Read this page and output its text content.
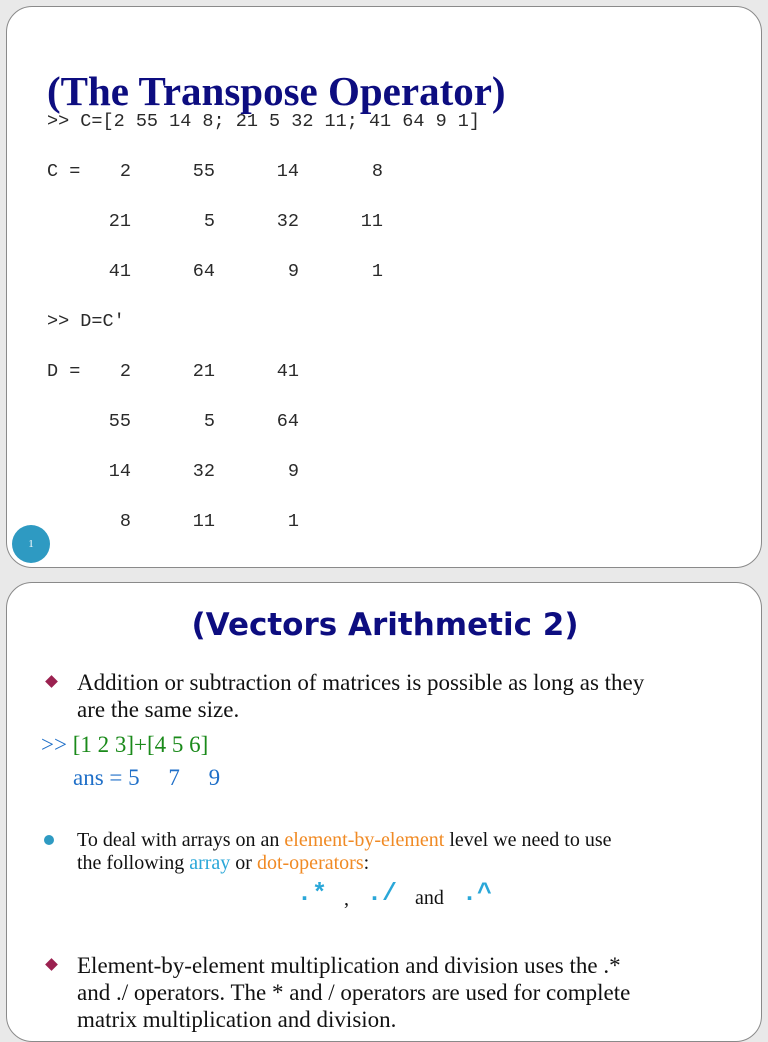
(The Transpose Operator)
>> C=[2 55 14 8; 21 5 32 11; 41 64 9 1]
C =	2	55	14	8
21	5	32	11
41	64	9	1
>> D=C'
D =	2	21	41
55	5	64
14	32	9
8	11	1
1
(Vectors Arithmetic 2)
Addition or subtraction of matrices is possible as long as they
are the same size.
>> [1 2 3]+[4 5 6]
ans = 5     7     9
To deal with arrays on an element-by-element level we need to use
the following array or dot-operators:
.* , ./ and .^
Element-by-element multiplication and division uses the .*
and ./ operators. The * and / operators are used for complete
matrix multiplication and division.
